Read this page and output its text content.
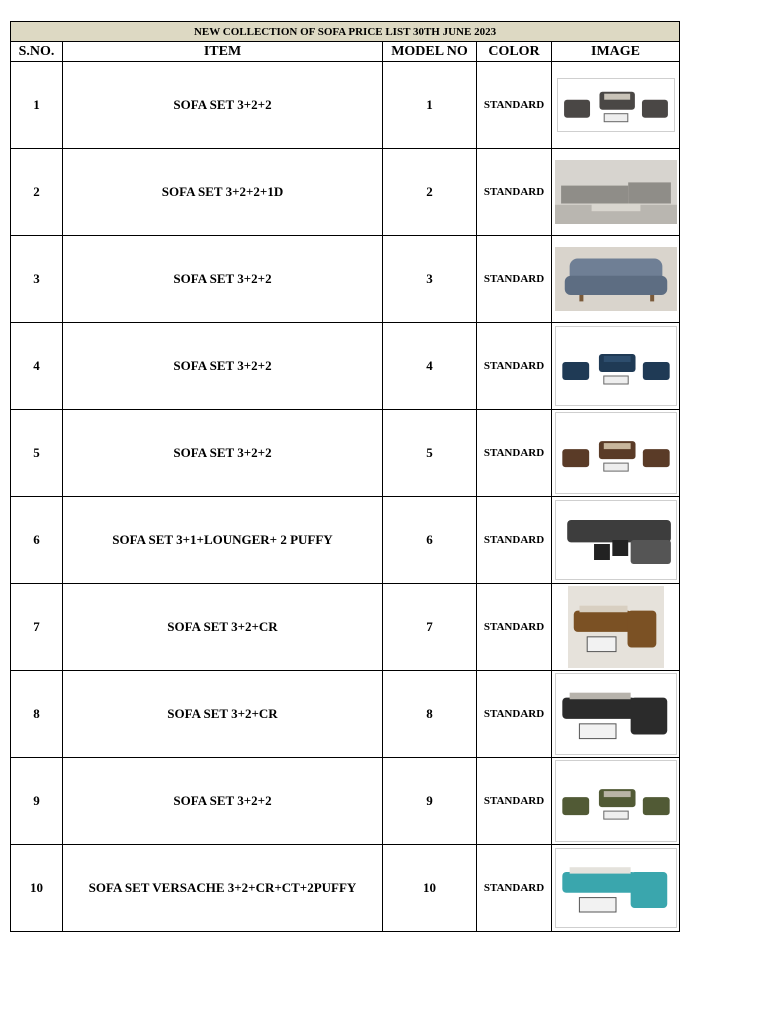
NEW COLLECTION OF SOFA PRICE LIST 30TH JUNE 2023				
S.NO.	ITEM	MODEL NO	COLOR	IMAGE
1	SOFA SET 3+2+2	1	STANDARD	

2	SOFA SET 3+2+2+1D	2	STANDARD	

3	SOFA SET 3+2+2	3	STANDARD	

4	SOFA SET 3+2+2	4	STANDARD	

5	SOFA SET 3+2+2	5	STANDARD	

6	SOFA SET 3+1+LOUNGER+ 2 PUFFY	6	STANDARD	

7	SOFA SET 3+2+CR	7	STANDARD	

8	SOFA SET 3+2+CR	8	STANDARD	

9	SOFA SET 3+2+2	9	STANDARD	

10	SOFA SET VERSACHE 3+2+CR+CT+2PUFFY	10	STANDARD	
